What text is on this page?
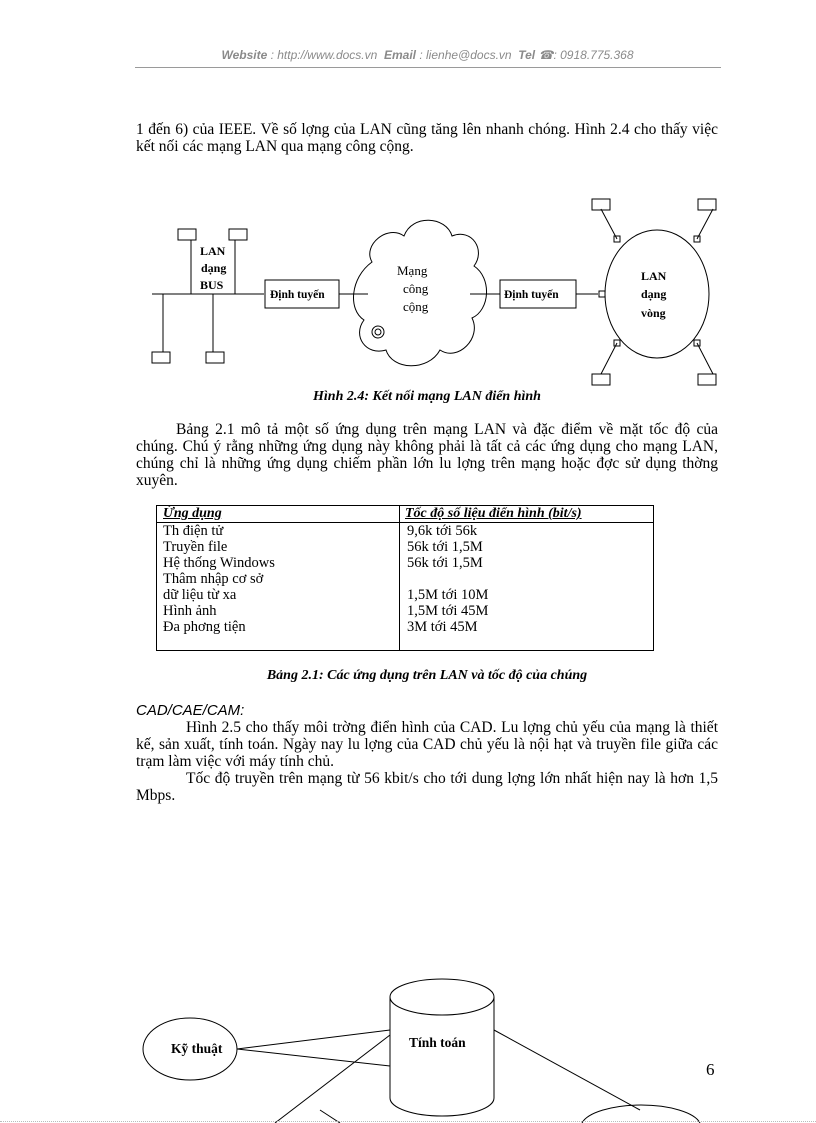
Website : http://www.docs.vn Email : lienhe@docs.vn Tel ☎: 0918.775.368
1 đến 6) của IEEE. Về số lợng của LAN cũng tăng lên nhanh chóng. Hình 2.4 cho thấy việc kết nối các mạng LAN qua mạng công cộng.
LAN
dạng
BUS
Định tuyến	Định tuyến
LAN
dạng
vòng
Mạng
công
cộng
Hình 2.4: Kết nối mạng LAN điển hình
Bảng 2.1 mô tả một số ứng dụng trên mạng LAN và đặc điểm về mặt tốc độ của chúng. Chú ý rằng những ứng dụng này không phải là tất cả các ứng dụng cho mạng LAN, chúng chỉ là những ứng dụng chiếm phần lớn lu lợng trên mạng hoặc đợc sử dụng thờng xuyên.
Ứng dụng	Tốc độ số liệu điển hình (bit/s)
Th điện tử	9,6k tới 56k
Truyền file	56k tới 1,5M
Hệ thống Windows	56k tới 1,5M
Thâm nhập cơ sở
dữ liệu từ xa	1,5M tới 10M
Hình ảnh	1,5M tới 45M
Đa phơng tiện	3M tới 45M
Bảng 2.1: Các ứng dụng trên LAN và tốc độ của chúng
CAD/CAE/CAM:
Hình 2.5 cho thấy môi trờng điển hình của CAD. Lu lợng chủ yếu của mạng là thiết kế, sản xuất, tính toán. Ngày nay lu lợng của CAD chủ yếu là nội hạt và truyền file giữa các trạm làm việc với máy tính chủ.
Tốc độ truyền trên mạng từ 56 kbit/s cho tới dung lợng lớn nhất hiện nay là hơn 1,5 Mbps.
Kỹ thuật	Tính toán
6
